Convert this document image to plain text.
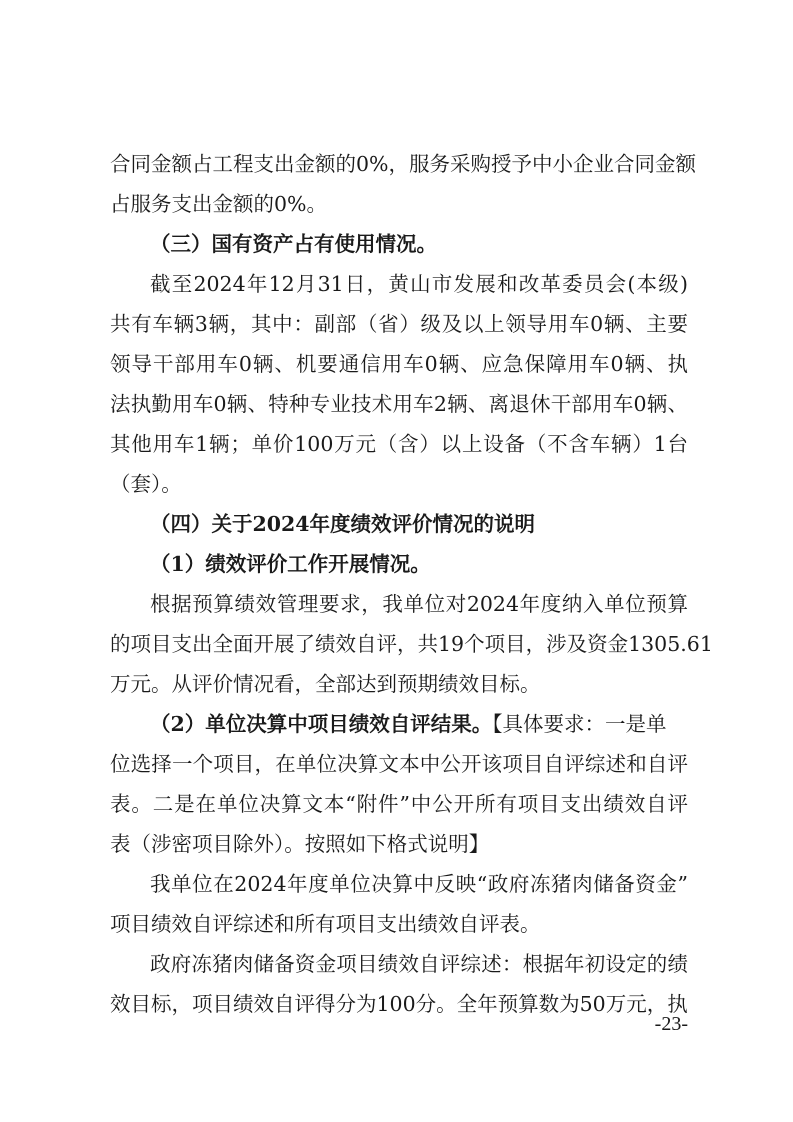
合同金额占工程支出金额的0%，服务采购授予中小企业合同金额
占服务支出金额的0%。
（三）国有资产占有使用情况。
截至2024年12月31日，黄山市发展和改革委员会(本级)
共有车辆3辆，其中：副部（省）级及以上领导用车0辆、主要
领导干部用车0辆、机要通信用车0辆、应急保障用车0辆、执
法执勤用车0辆、特种专业技术用车2辆、离退休干部用车0辆、
其他用车1辆；单价100万元（含）以上设备（不含车辆）1台
（套）。
（四）关于2024年度绩效评价情况的说明
（1）绩效评价工作开展情况。
根据预算绩效管理要求，我单位对2024年度纳入单位预算
的项目支出全面开展了绩效自评，共19个项目，涉及资金1305.61
万元。从评价情况看，全部达到预期绩效目标。
（2）单位决算中项目绩效自评结果。【具体要求：一是单
位选择一个项目，在单位决算文本中公开该项目自评综述和自评
表。二是在单位决算文本“附件”中公开所有项目支出绩效自评
表（涉密项目除外）。按照如下格式说明】
我单位在2024年度单位决算中反映“政府冻猪肉储备资金”
项目绩效自评综述和所有项目支出绩效自评表。
政府冻猪肉储备资金项目绩效自评综述：根据年初设定的绩
效目标，项目绩效自评得分为100分。全年预算数为50万元，执
-23-
